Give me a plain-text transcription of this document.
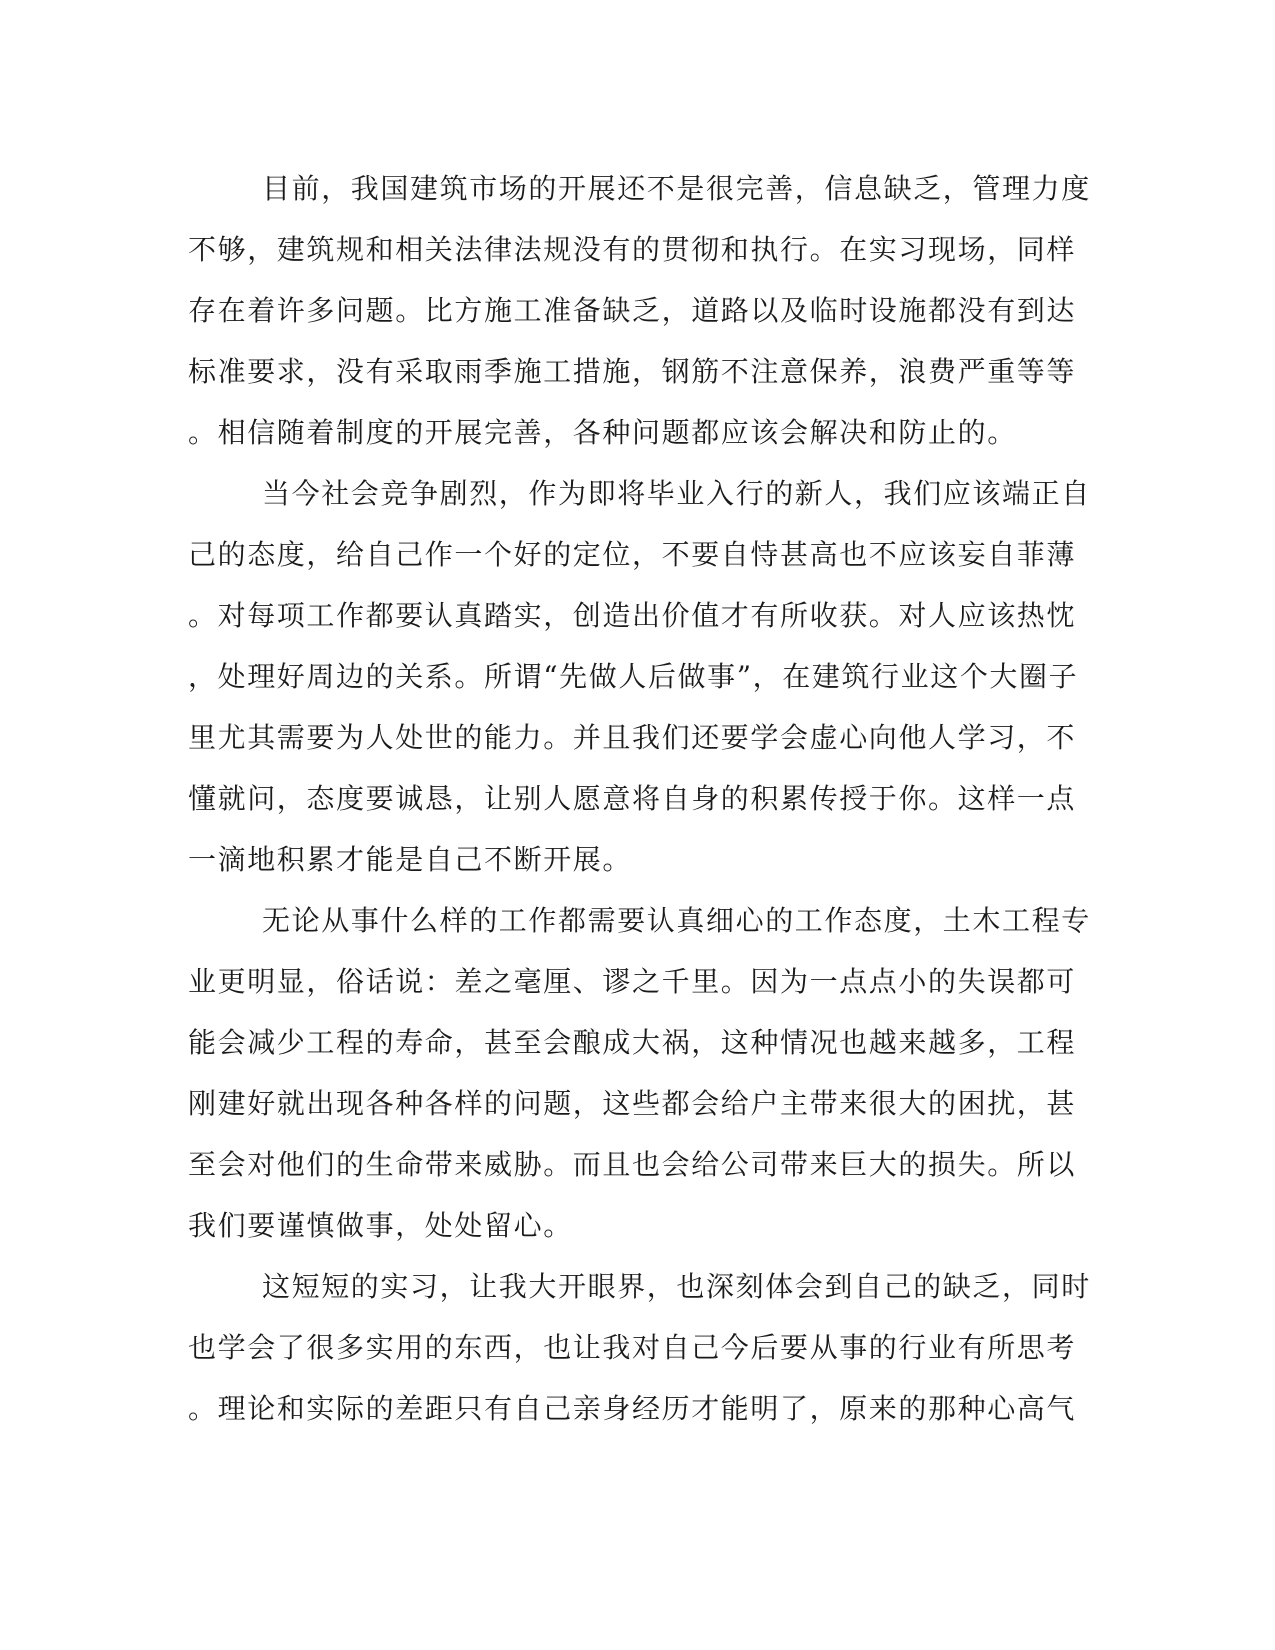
目前，我国建筑市场的开展还不是很完善，信息缺乏，管理力度
不够，建筑规和相关法律法规没有的贯彻和执行。在实习现场，同样
存在着许多问题。比方施工准备缺乏，道路以及临时设施都没有到达
标准要求，没有采取雨季施工措施，钢筋不注意保养，浪费严重等等
。相信随着制度的开展完善，各种问题都应该会解决和防止的。
当今社会竞争剧烈，作为即将毕业入行的新人，我们应该端正自
己的态度，给自己作一个好的定位，不要自恃甚高也不应该妄自菲薄
。对每项工作都要认真踏实，创造出价值才有所收获。对人应该热忱
，处理好周边的关系。所谓“先做人后做事”，在建筑行业这个大圈子
里尤其需要为人处世的能力。并且我们还要学会虚心向他人学习，不
懂就问，态度要诚恳，让别人愿意将自身的积累传授于你。这样一点
一滴地积累才能是自己不断开展。
无论从事什么样的工作都需要认真细心的工作态度，土木工程专
业更明显，俗话说：差之毫厘、谬之千里。因为一点点小的失误都可
能会减少工程的寿命，甚至会酿成大祸，这种情况也越来越多，工程
刚建好就出现各种各样的问题，这些都会给户主带来很大的困扰，甚
至会对他们的生命带来威胁。而且也会给公司带来巨大的损失。所以
我们要谨慎做事，处处留心。
这短短的实习，让我大开眼界，也深刻体会到自己的缺乏，同时
也学会了很多实用的东西，也让我对自己今后要从事的行业有所思考
。理论和实际的差距只有自己亲身经历才能明了，原来的那种心高气
